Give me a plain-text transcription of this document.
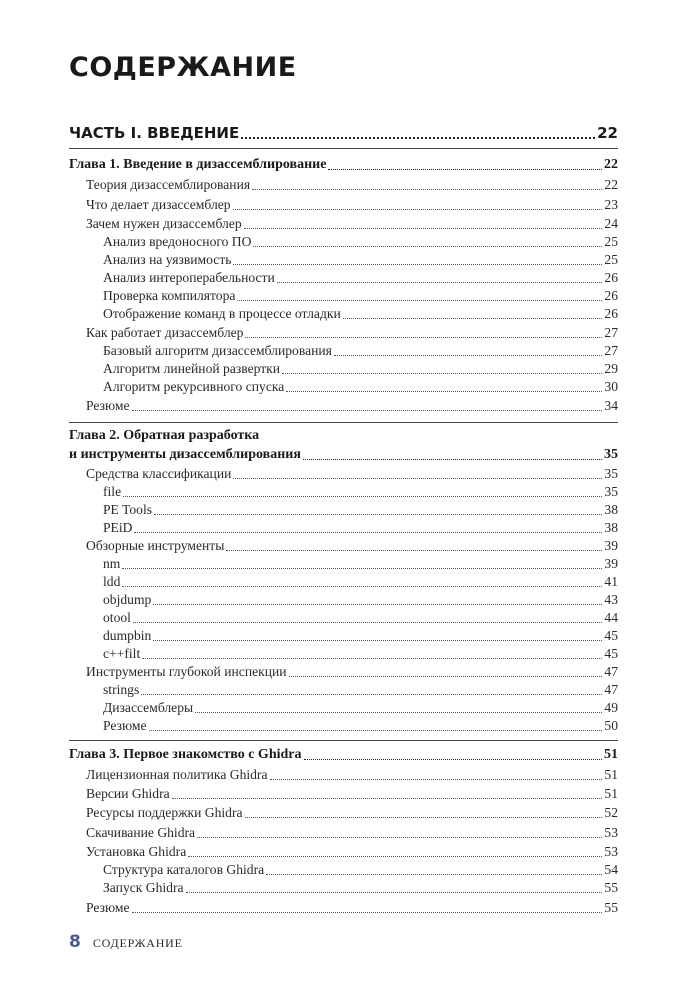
СОДЕРЖАНИЕ
ЧАСТЬ I. ВВЕДЕНИЕ	22
Глава 1. Введение в дизассемблирование	22
Теория дизассемблирования	22
Что делает дизассемблер	23
Зачем нужен дизассемблер	24
Анализ вредоносного ПО	25
Анализ на уязвимость	25
Анализ интероперабельности	26
Проверка компилятора	26
Отображение команд в процессе отладки	26
Как работает дизассемблер	27
Базовый алгоритм дизассемблирования	27
Алгоритм линейной развертки	29
Алгоритм рекурсивного спуска	30
Резюме	34
Глава 2. Обратная разработка
и инструменты дизассемблирования	35
Средства классификации	35
file	35
PE Tools	38
PEiD	38
Обзорные инструменты	39
nm	39
ldd	41
objdump	43
otool	44
dumpbin	45
c++filt	45
Инструменты глубокой инспекции	47
strings	47
Дизассемблеры	49
Резюме	50
Глава 3. Первое знакомство с Ghidra	51
Лицензионная политика Ghidra	51
Версии Ghidra	51
Ресурсы поддержки Ghidra	52
Скачивание Ghidra	53
Установка Ghidra	53
Структура каталогов Ghidra	54
Запуск Ghidra	55
Резюме	55
8 СОДЕРЖАНИЕ
